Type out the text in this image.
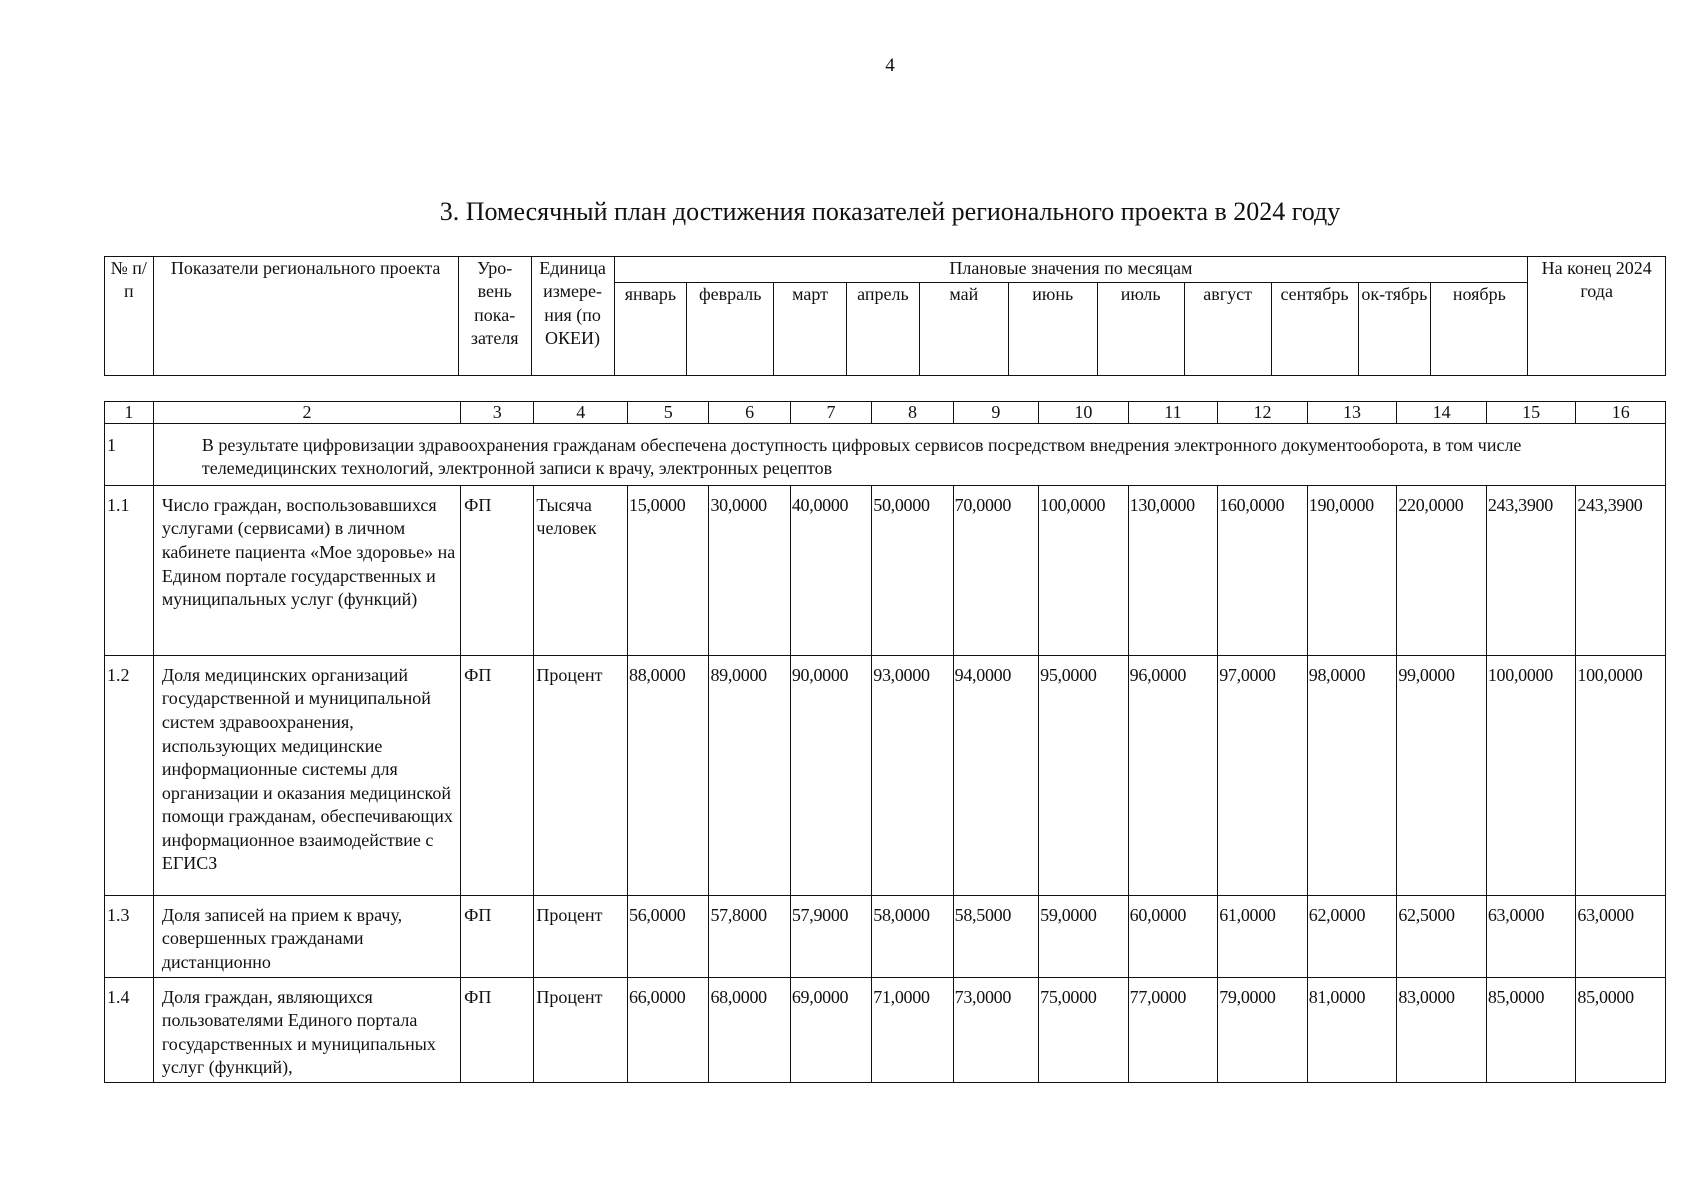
4
3. Помесячный план достижения показателей регионального проекта в 2024 году
№ п/п	Показатели регионального проекта	Уро-вень пока-зателя	Единица измере-ния (по ОКЕИ)	Плановые значения по месяцам											На конец 2024 года
				январь	февраль	март	апрель	май	июнь	июль	август	сентябрь	ок-тябрь	ноябрь	
1	2	3	4	5	6	7	8	9	10	11	12	13	14	15	16
1	В результате цифровизации здравоохранения гражданам обеспечена доступность цифровых сервисов посредством внедрения электронного документооборота, в том числе телемедицинских технологий, электронной записи к врачу, электронных рецептов														
1.1	Число граждан, воспользовавшихся услугами (сервисами) в личном кабинете пациента «Мое здоровье» на Едином портале государственных и муниципальных услуг (функций)	ФП	Тысяча человек	15,0000	30,0000	40,0000	50,0000	70,0000	100,0000	130,0000	160,0000	190,0000	220,0000	243,3900	243,3900
1.2	Доля медицинских организаций государственной и муниципальной систем здравоохранения, использующих медицинские информационные системы для организации и оказания медицинской помощи гражданам, обеспечивающих информационное взаимодействие с ЕГИСЗ	ФП	Процент	88,0000	89,0000	90,0000	93,0000	94,0000	95,0000	96,0000	97,0000	98,0000	99,0000	100,0000	100,0000
1.3	Доля записей на прием к врачу, совершенных гражданами дистанционно	ФП	Процент	56,0000	57,8000	57,9000	58,0000	58,5000	59,0000	60,0000	61,0000	62,0000	62,5000	63,0000	63,0000
1.4	Доля граждан, являющихся пользователями Единого портала государственных и муниципальных услуг (функций),	ФП	Процент	66,0000	68,0000	69,0000	71,0000	73,0000	75,0000	77,0000	79,0000	81,0000	83,0000	85,0000	85,0000
